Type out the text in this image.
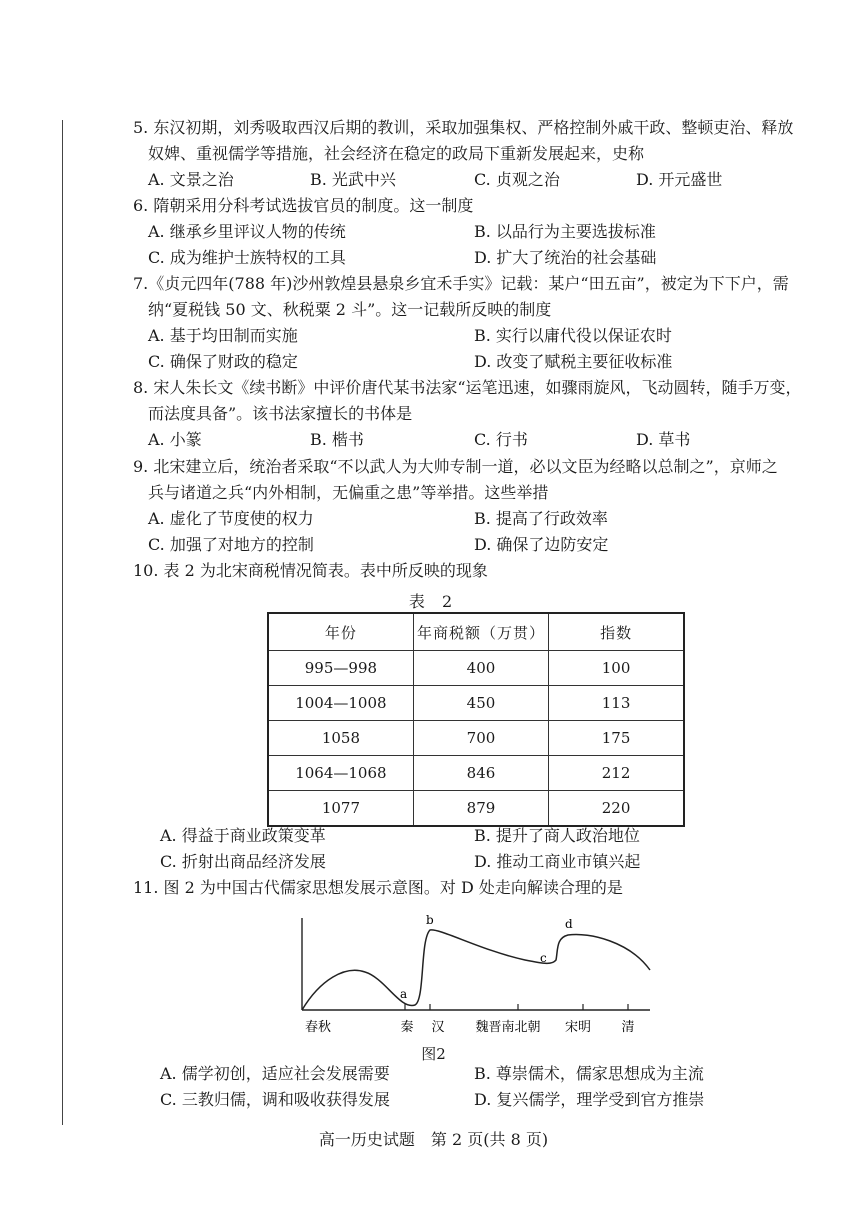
5. 东汉初期，刘秀吸取西汉后期的教训，采取加强集权、严格控制外戚干政、整顿吏治、释放
奴婢、重视儒学等措施，社会经济在稳定的政局下重新发展起来，史称
A. 文景之治	B. 光武中兴	C. 贞观之治	D. 开元盛世
6. 隋朝采用分科考试选拔官员的制度。这一制度
A. 继承乡里评议人物的传统	B. 以品行为主要选拔标准
C. 成为维护士族特权的工具	D. 扩大了统治的社会基础
7.《贞元四年(788 年)沙州敦煌县悬泉乡宜禾手实》记载：某户“田五亩”，被定为下下户，需
纳“夏税钱 50 文、秋税粟 2 斗”。这一记载所反映的制度
A. 基于均田制而实施	B. 实行以庸代役以保证农时
C. 确保了财政的稳定	D. 改变了赋税主要征收标准
8. 宋人朱长文《续书断》中评价唐代某书法家“运笔迅速，如骤雨旋风，飞动圆转，随手万变，
而法度具备”。该书法家擅长的书体是
A. 小篆	B. 楷书	C. 行书	D. 草书
9. 北宋建立后，统治者采取“不以武人为大帅专制一道，必以文臣为经略以总制之”，京师之
兵与诸道之兵“内外相制，无偏重之患”等举措。这些举措
A. 虚化了节度使的权力	B. 提高了行政效率
C. 加强了对地方的控制	D. 确保了边防安定
10. 表 2 为北宋商税情况简表。表中所反映的现象
表 2
年份	年商税额（万贯）	指数
995—998	400	100
1004—1008	450	113
1058	700	175
1064—1068	846	212
1077	879	220
A. 得益于商业政策变革	B. 提升了商人政治地位
C. 折射出商品经济发展	D. 推动工商业市镇兴起
11. 图 2 为中国古代儒家思想发展示意图。对 D 处走向解读合理的是
a
b
c
d
春秋	秦 汉 魏晋南北朝 宋明 清
图2
A. 儒学初创，适应社会发展需要	B. 尊崇儒术，儒家思想成为主流
C. 三教归儒，调和吸收获得发展	D. 复兴儒学，理学受到官方推崇
高一历史试题　第 2 页(共 8 页)
